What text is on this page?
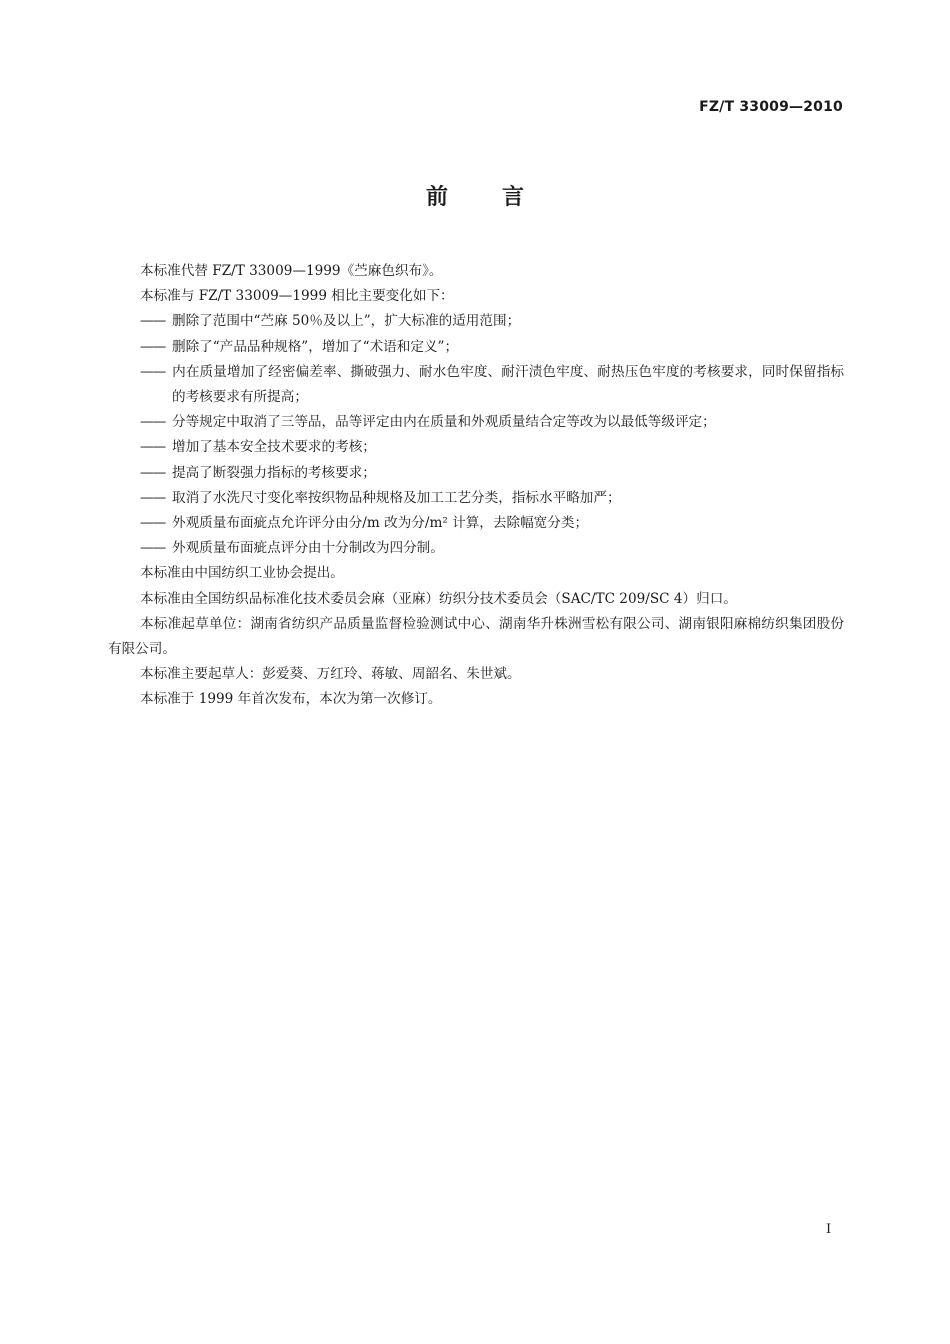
FZ/T 33009—2010

前言

本标准代替 FZ/T 33009—1999《苎麻色织布》。

本标准与 FZ/T 33009—1999 相比主要变化如下：

—— 删除了范围中“苎麻 50％及以上”，扩大标准的适用范围；

—— 删除了“产品品种规格”，增加了“术语和定义”；

—— 内在质量增加了经密偏差率、撕破强力、耐水色牢度、耐汗渍色牢度、耐热压色牢度的考核要求，同时保留指标的考核要求有所提高；

—— 分等规定中取消了三等品，品等评定由内在质量和外观质量结合定等改为以最低等级评定；

—— 增加了基本安全技术要求的考核；

—— 提高了断裂强力指标的考核要求；

—— 取消了水洗尺寸变化率按织物品种规格及加工工艺分类，指标水平略加严；

—— 外观质量布面疵点允许评分由分/m 改为分/m² 计算，去除幅宽分类；

—— 外观质量布面疵点评分由十分制改为四分制。

本标准由中国纺织工业协会提出。

本标准由全国纺织品标准化技术委员会麻（亚麻）纺织分技术委员会（SAC/TC 209/SC 4）归口。

本标准起草单位：湖南省纺织产品质量监督检验测试中心、湖南华升株洲雪松有限公司、湖南银阳麻棉纺织集团股份有限公司。

本标准主要起草人：彭爱葵、万红玲、蒋敏、周韶名、朱世斌。

本标准于 1999 年首次发布，本次为第一次修订。

I
